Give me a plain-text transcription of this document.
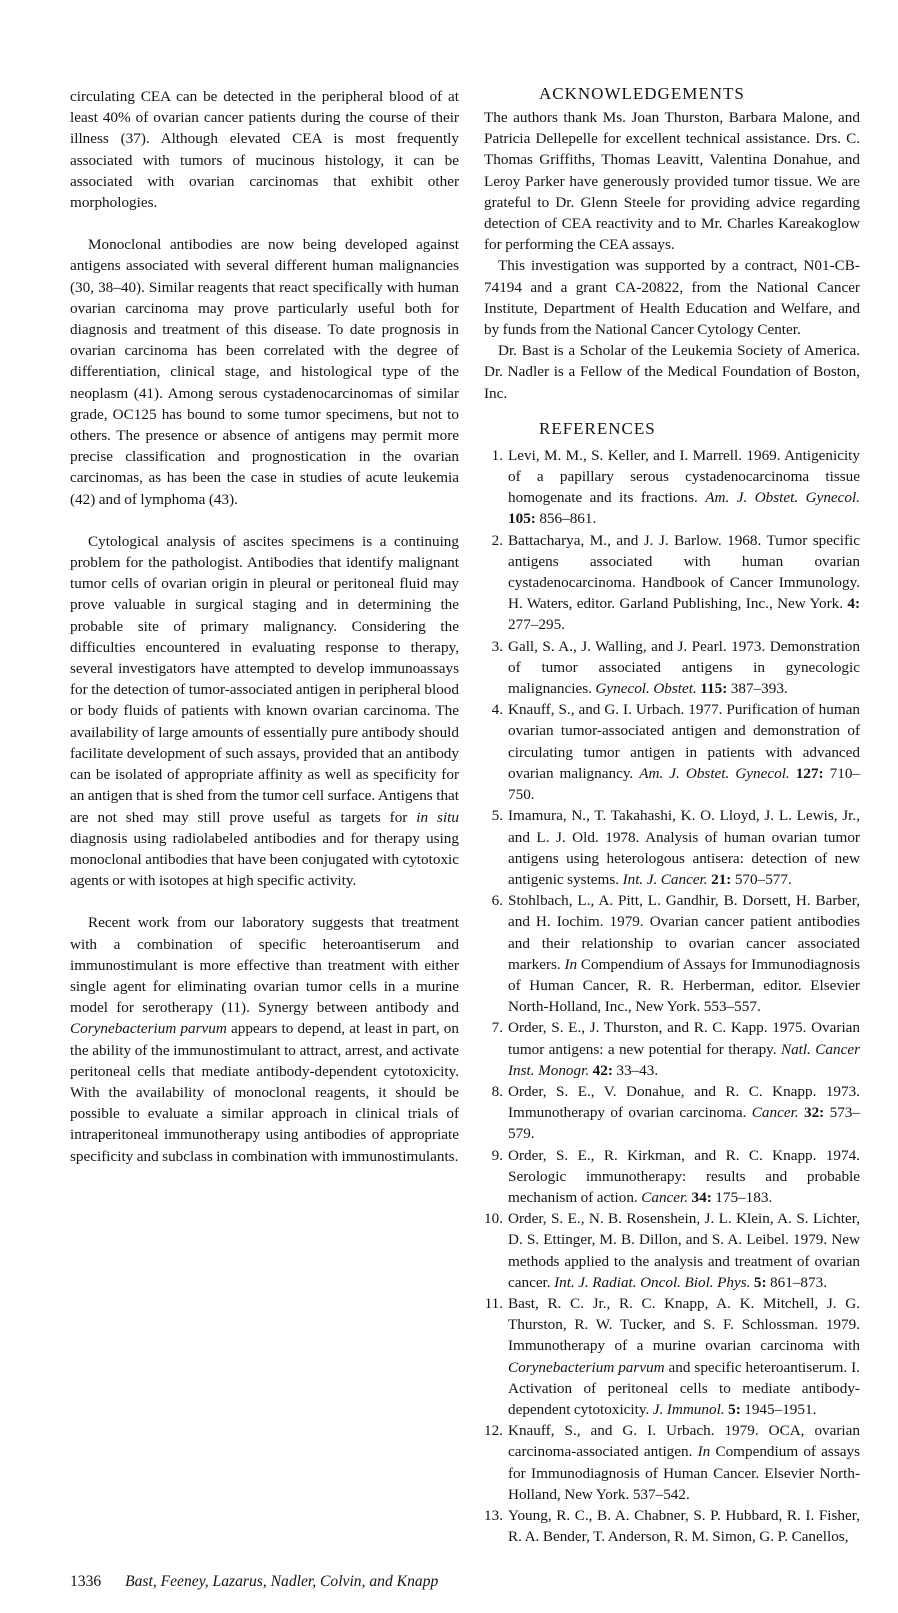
circulating CEA can be detected in the peripheral blood of at least 40% of ovarian cancer patients during the course of their illness (37). Although elevated CEA is most frequently associated with tumors of mucinous histology, it can be associated with ovarian carcinomas that exhibit other morphologies.

Monoclonal antibodies are now being developed against antigens associated with several different human malignancies (30, 38–40). Similar reagents that react specifically with human ovarian carcinoma may prove particularly useful both for diagnosis and treatment of this disease. To date prognosis in ovarian carcinoma has been correlated with the degree of differentiation, clinical stage, and histological type of the neoplasm (41). Among serous cystadenocarcinomas of similar grade, OC125 has bound to some tumor specimens, but not to others. The presence or absence of antigens may permit more precise classification and prognostication in the ovarian carcinomas, as has been the case in studies of acute leukemia (42) and of lymphoma (43).

Cytological analysis of ascites specimens is a continuing problem for the pathologist. Antibodies that identify malignant tumor cells of ovarian origin in pleural or peritoneal fluid may prove valuable in surgical staging and in determining the probable site of primary malignancy. Considering the difficulties encountered in evaluating response to therapy, several investigators have attempted to develop immunoassays for the detection of tumor-associated antigen in peripheral blood or body fluids of patients with known ovarian carcinoma. The availability of large amounts of essentially pure antibody should facilitate development of such assays, provided that an antibody can be isolated of appropriate affinity as well as specificity for an antigen that is shed from the tumor cell surface. Antigens that are not shed may still prove useful as targets for in situ diagnosis using radiolabeled antibodies and for therapy using monoclonal antibodies that have been conjugated with cytotoxic agents or with isotopes at high specific activity.

Recent work from our laboratory suggests that treatment with a combination of specific heteroantiserum and immunostimulant is more effective than treatment with either single agent for eliminating ovarian tumor cells in a murine model for serotherapy (11). Synergy between antibody and Corynebacterium parvum appears to depend, at least in part, on the ability of the immunostimulant to attract, arrest, and activate peritoneal cells that mediate antibody-dependent cytotoxicity. With the availability of monoclonal reagents, it should be possible to evaluate a similar approach in clinical trials of intraperitoneal immunotherapy using antibodies of appropriate specificity and subclass in combination with immunostimulants.

ACKNOWLEDGEMENTS

The authors thank Ms. Joan Thurston, Barbara Malone, and Patricia Dellepelle for excellent technical assistance. Drs. C. Thomas Griffiths, Thomas Leavitt, Valentina Donahue, and Leroy Parker have generously provided tumor tissue. We are grateful to Dr. Glenn Steele for providing advice regarding detection of CEA reactivity and to Mr. Charles Kareakoglow for performing the CEA assays.

This investigation was supported by a contract, N01-CB-74194 and a grant CA-20822, from the National Cancer Institute, Department of Health Education and Welfare, and by funds from the National Cancer Cytology Center.

Dr. Bast is a Scholar of the Leukemia Society of America. Dr. Nadler is a Fellow of the Medical Foundation of Boston, Inc.

REFERENCES
1. Levi, M. M., S. Keller, and I. Marrell. 1969. Antigenicity of a papillary serous cystadenocarcinoma tissue homogenate and its fractions. Am. J. Obstet. Gynecol. 105: 856–861.
2. Battacharya, M., and J. J. Barlow. 1968. Tumor specific antigens associated with human ovarian cystadenocarcinoma. Handbook of Cancer Immunology. H. Waters, editor. Garland Publishing, Inc., New York. 4: 277–295.
3. Gall, S. A., J. Walling, and J. Pearl. 1973. Demonstration of tumor associated antigens in gynecologic malignancies. Gynecol. Obstet. 115: 387–393.
4. Knauff, S., and G. I. Urbach. 1977. Purification of human ovarian tumor-associated antigen and demonstration of circulating tumor antigen in patients with advanced ovarian malignancy. Am. J. Obstet. Gynecol. 127: 710–750.
5. Imamura, N., T. Takahashi, K. O. Lloyd, J. L. Lewis, Jr., and L. J. Old. 1978. Analysis of human ovarian tumor antigens using heterologous antisera: detection of new antigenic systems. Int. J. Cancer. 21: 570–577.
6. Stohlbach, L., A. Pitt, L. Gandhir, B. Dorsett, H. Barber, and H. Iochim. 1979. Ovarian cancer patient antibodies and their relationship to ovarian cancer associated markers. In Compendium of Assays for Immunodiagnosis of Human Cancer, R. R. Herberman, editor. Elsevier North-Holland, Inc., New York. 553–557.
7. Order, S. E., J. Thurston, and R. C. Kapp. 1975. Ovarian tumor antigens: a new potential for therapy. Natl. Cancer Inst. Monogr. 42: 33–43.
8. Order, S. E., V. Donahue, and R. C. Knapp. 1973. Immunotherapy of ovarian carcinoma. Cancer. 32: 573–579.
9. Order, S. E., R. Kirkman, and R. C. Knapp. 1974. Serologic immunotherapy: results and probable mechanism of action. Cancer. 34: 175–183.
10. Order, S. E., N. B. Rosenshein, J. L. Klein, A. S. Lichter, D. S. Ettinger, M. B. Dillon, and S. A. Leibel. 1979. New methods applied to the analysis and treatment of ovarian cancer. Int. J. Radiat. Oncol. Biol. Phys. 5: 861–873.
11. Bast, R. C. Jr., R. C. Knapp, A. K. Mitchell, J. G. Thurston, R. W. Tucker, and S. F. Schlossman. 1979. Immunotherapy of a murine ovarian carcinoma with Corynebacterium parvum and specific heteroantiserum. I. Activation of peritoneal cells to mediate antibody-dependent cytotoxicity. J. Immunol. 5: 1945–1951.
12. Knauff, S., and G. I. Urbach. 1979. OCA, ovarian carcinoma-associated antigen. In Compendium of assays for Immunodiagnosis of Human Cancer. Elsevier North-Holland, New York. 537–542.
13. Young, R. C., B. A. Chabner, S. P. Hubbard, R. I. Fisher, R. A. Bender, T. Anderson, R. M. Simon, G. P. Canellos,
1336 Bast, Feeney, Lazarus, Nadler, Colvin, and Knapp
